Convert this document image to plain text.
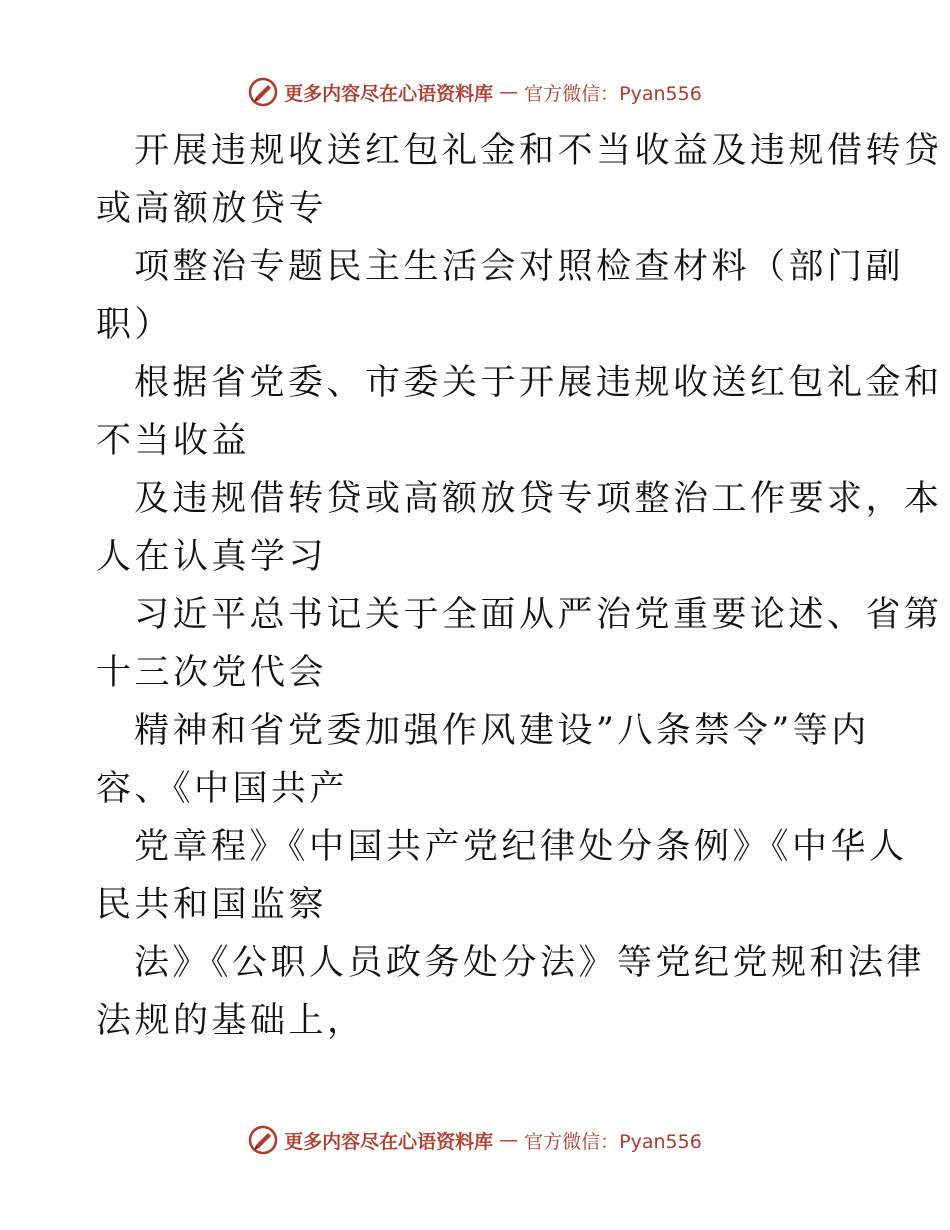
更多内容尽在心语资料库 — 官方微信：Pyan556

开展违规收送红包礼金和不当收益及违规借转贷
或高额放贷专

项整治专题民主生活会对照检查材料（部门副
职）

根据省党委、市委关于开展违规收送红包礼金和
不当收益

及违规借转贷或高额放贷专项整治工作要求，本
人在认真学习

习近平总书记关于全面从严治党重要论述、省第
十三次党代会

精神和省党委加强作风建设”八条禁令”等内
容、《中国共产

党章程》《中国共产党纪律处分条例》《中华人
民共和国监察

法》《公职人员政务处分法》等党纪党规和法律
法规的基础上，

更多内容尽在心语资料库 — 官方微信：Pyan556
